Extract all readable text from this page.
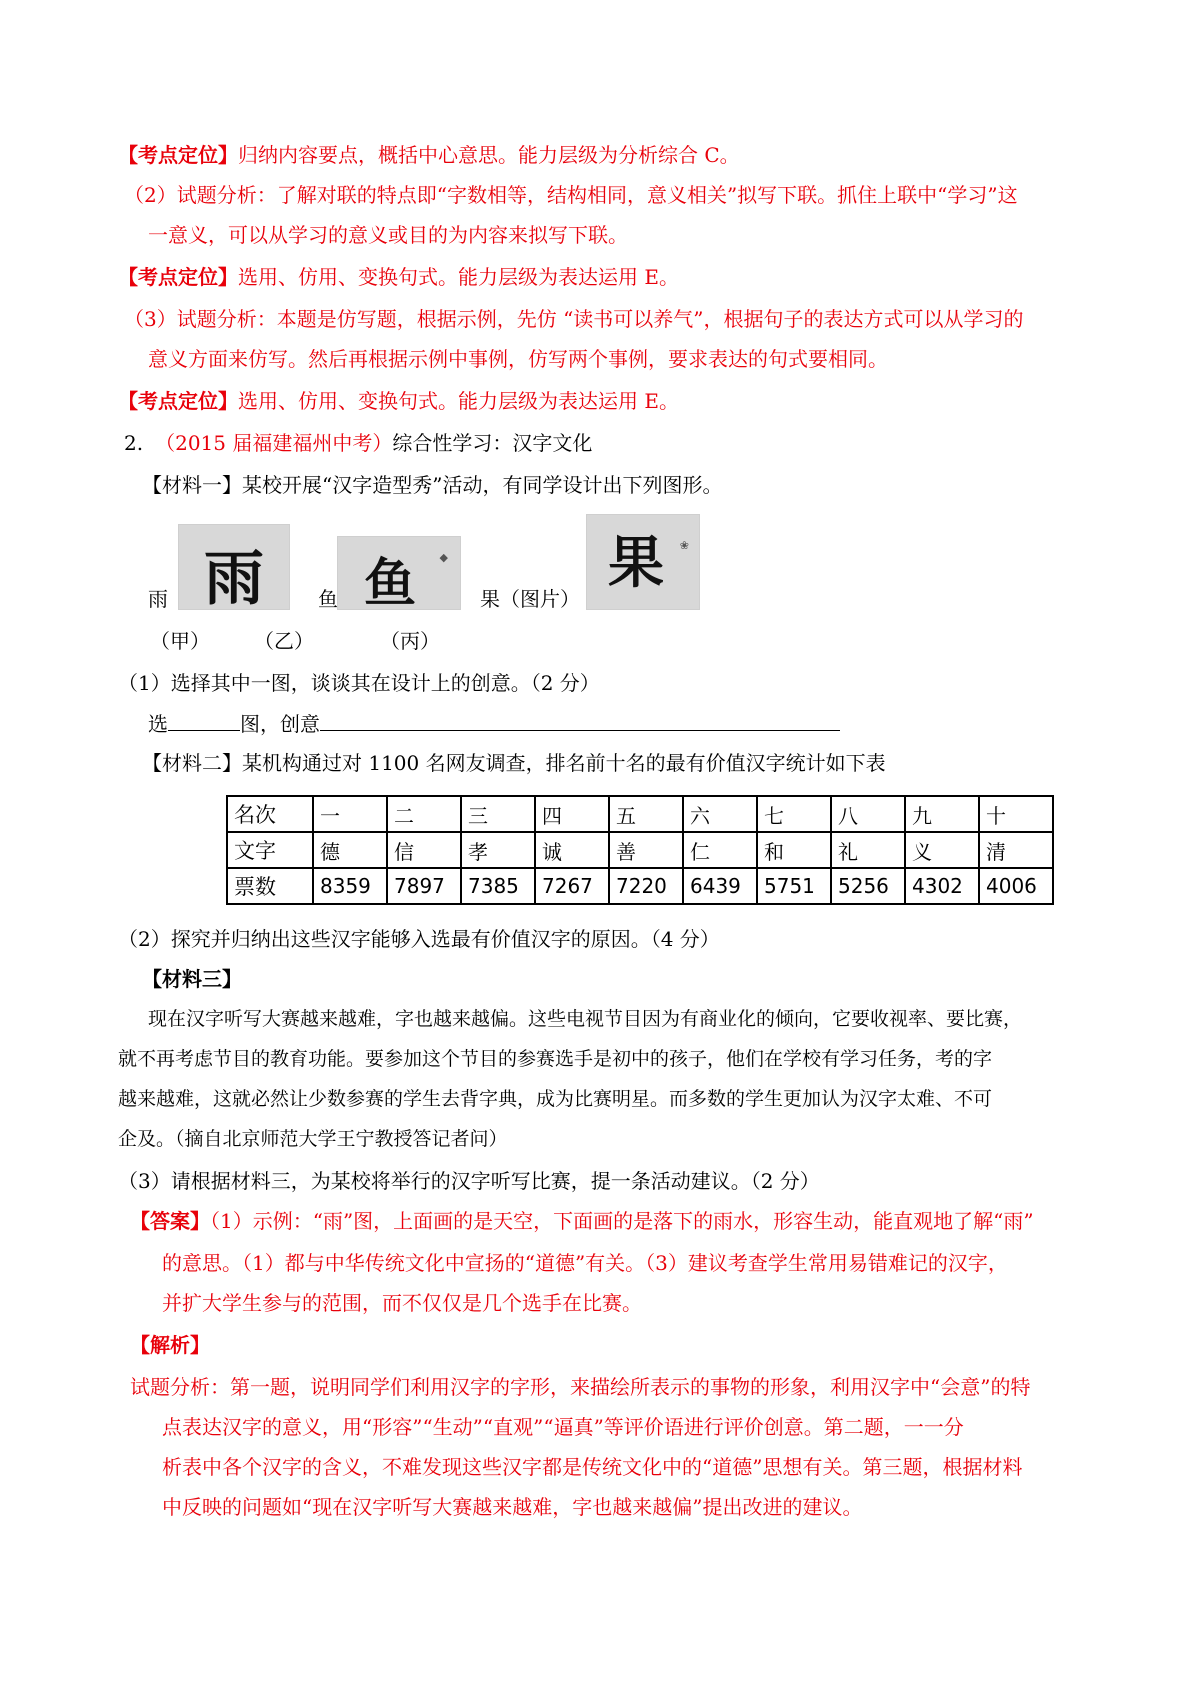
【考点定位】归纳内容要点，概括中心意思。能力层级为分析综合 C。
（2）试题分析：了解对联的特点即“字数相等，结构相同，意义相关”拟写下联。抓住上联中“学习”这
一意义，可以从学习的意义或目的为内容来拟写下联。
【考点定位】选用、仿用、变换句式。能力层级为表达运用 E。
（3）试题分析：本题是仿写题，根据示例，先仿 “读书可以养气”，根据句子的表达方式可以从学习的
意义方面来仿写。然后再根据示例中事例，仿写两个事例，要求表达的句式要相同。
【考点定位】选用、仿用、变换句式。能力层级为表达运用 E。
2. （2015 届福建福州中考）综合性学习：汉字文化
【材料一】某校开展“汉字造型秀”活动，有同学设计出下列图形。
雨
雨	鱼	◆
鱼
果	❀
果（图片）
（甲） （乙）	（丙）
（1）选择其中一图，谈谈其在设计上的创意。（2 分）
选	图，创意
【材料二】某机构通过对 1100 名网友调查，排名前十名的最有价值汉字统计如下表
名次	一	二	三	四	五	六	七	八	九	十
文字	德	信	孝	诚	善	仁	和	礼	义	清
票数	8359	7897	7385	7267	7220	6439	5751	5256	4302	4006
（2）探究并归纳出这些汉字能够入选最有价值汉字的原因。（4 分）
【材料三】
现在汉字听写大赛越来越难，字也越来越偏。这些电视节目因为有商业化的倾向，它要收视率、要比赛，
就不再考虑节目的教育功能。要参加这个节目的参赛选手是初中的孩子，他们在学校有学习任务，考的字
越来越难，这就必然让少数参赛的学生去背字典，成为比赛明星。而多数的学生更加认为汉字太难、不可
企及。（摘自北京师范大学王宁教授答记者问）
（3）请根据材料三，为某校将举行的汉字听写比赛，提一条活动建议。（2 分）
【答案】（1）示例：“雨”图，上面画的是天空，下面画的是落下的雨水，形容生动，能直观地了解“雨”
的意思。（1）都与中华传统文化中宣扬的“道德”有关。（3）建议考查学生常用易错难记的汉字，
并扩大学生参与的范围，而不仅仅是几个选手在比赛。
【解析】
试题分析：第一题，说明同学们利用汉字的字形，来描绘所表示的事物的形象，利用汉字中“会意”的特
点表达汉字的意义，用“形容”“生动”“直观”“逼真”等评价语进行评价创意。第二题，一一分
析表中各个汉字的含义，不难发现这些汉字都是传统文化中的“道德”思想有关。第三题，根据材料
中反映的问题如“现在汉字听写大赛越来越难，字也越来越偏”提出改进的建议。
